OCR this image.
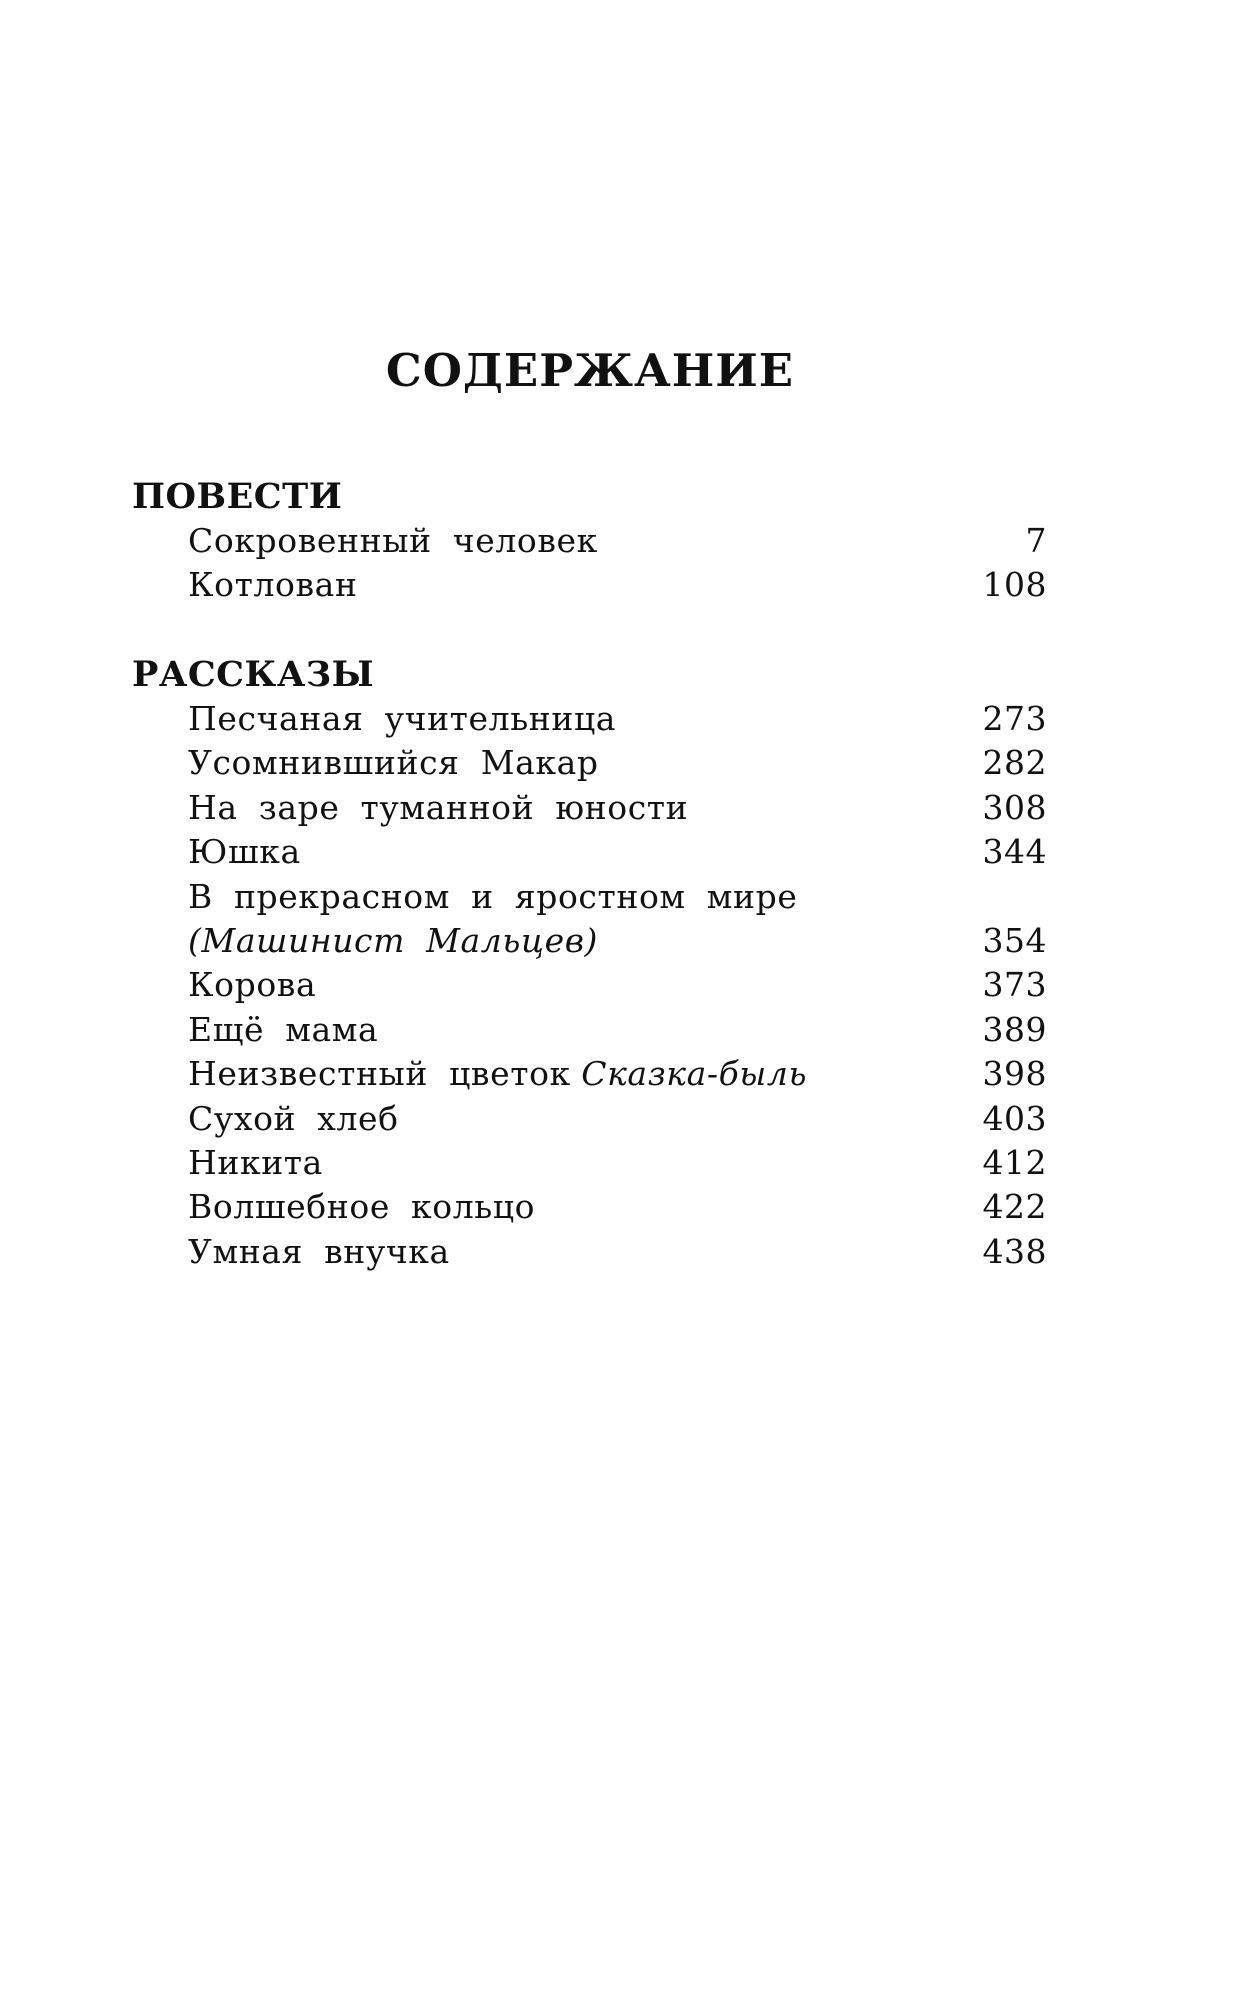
СОДЕРЖАНИЕ
ПОВЕСТИ
Сокровенный человек	7
Котлован	108
РАССКАЗЫ
Песчаная учительница	273
Усомнившийся Макар	282
На заре туманной юности	308
Юшка	344
В прекрасном и яростном мире
(Машинист Мальцев)	354
Корова	373
Ещё мама	389
Неизвестный цветок Сказка-быль	398
Сухой хлеб	403
Никита	412
Волшебное кольцо	422
Умная внучка	438
